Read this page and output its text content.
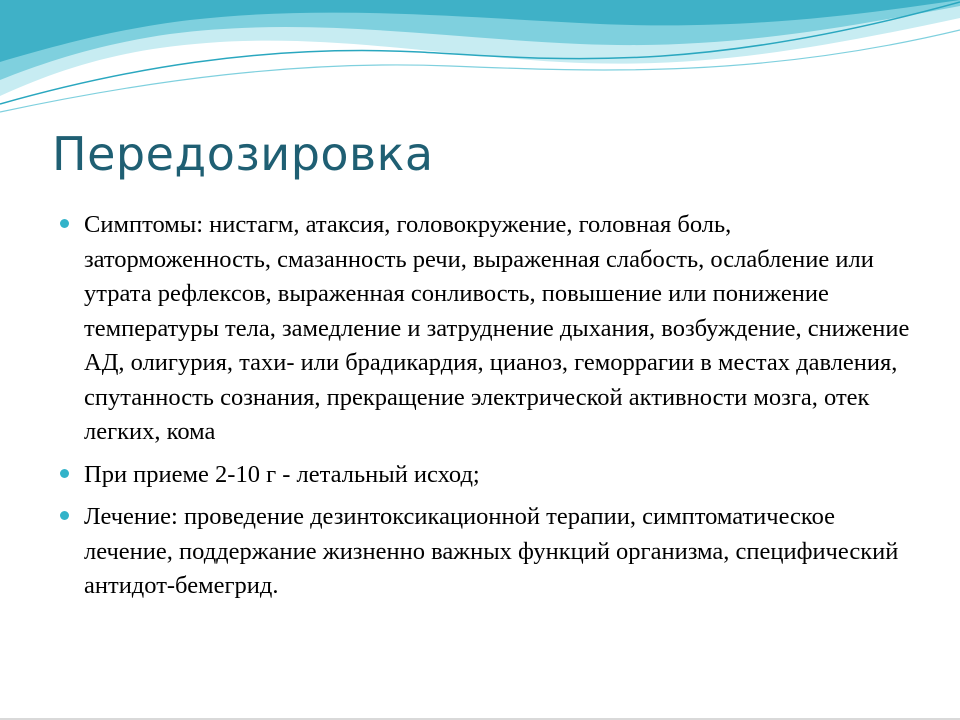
Передозировка
Симптомы: нистагм, атаксия, головокружение, головная боль, заторможенность, смазанность речи, выраженная слабость, ослабление или утрата рефлексов, выраженная сонливость, повышение или понижение температуры тела, замедление и затруднение дыхания, возбуждение, снижение АД, олигурия, тахи- или брадикардия, цианоз, геморрагии в местах давления, спутанность сознания, прекращение электрической активности мозга, отек легких, кома
При приеме 2-10 г - летальный исход;
Лечение: проведение дезинтоксикационной терапии, симптоматическое лечение, поддержание жизненно важных функций организма, специфический антидот-бемегрид.
